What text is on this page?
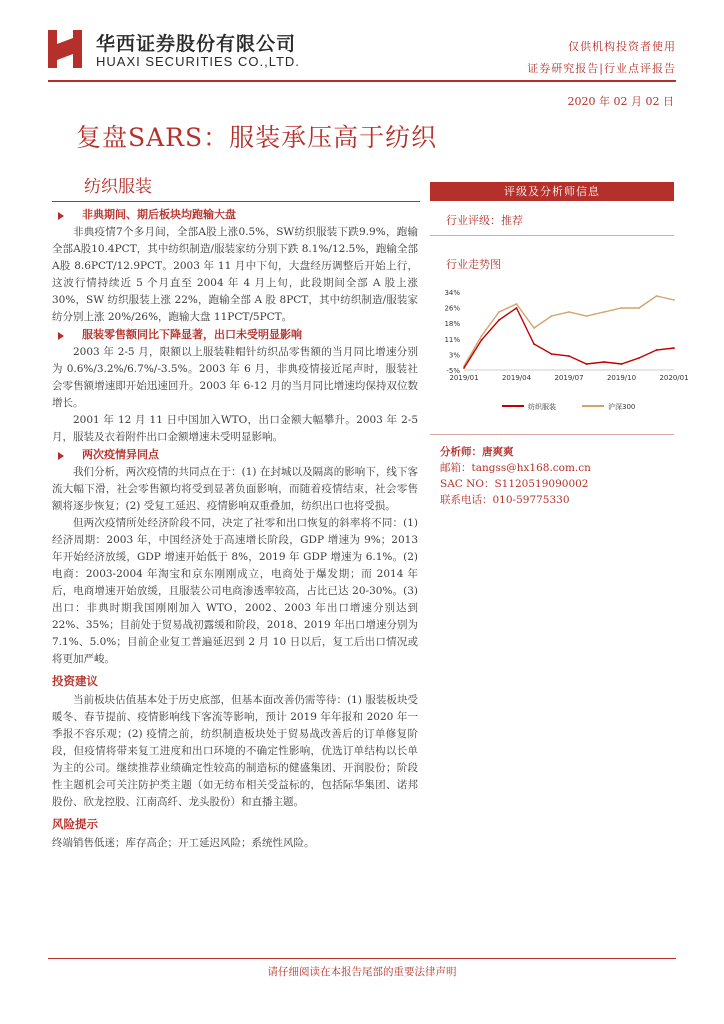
华西证券股份有限公司
HUAXI SECURITIES CO.,LTD.
仅供机构投资者使用
证券研究报告|行业点评报告
2020 年 02 月 02 日
复盘SARS：服装承压高于纺织
纺织服装
非典期间、期后板块均跑输大盘

非典疫情7个多月间，全部A股上涨0.5%，SW纺织服装下跌9.9%，跑输全部A股10.4PCT，其中纺织制造/服装家纺分别下跌 8.1%/12.5%，跑输全部 A股 8.6PCT/12.9PCT。2003 年 11 月中下旬，大盘经历调整后开始上行，这波行情持续近 5 个月直至 2004 年 4 月上旬，此段期间全部 A 股上涨 30%，SW 纺织服装上涨 22%，跑输全部 A 股 8PCT，其中纺织制造/服装家纺分别上涨 20%/26%，跑输大盘 11PCT/5PCT。

服装零售额同比下降显著，出口未受明显影响

2003 年 2-5 月，限额以上服装鞋帽针纺织品零售额的当月同比增速分别为 0.6%/3.2%/6.7%/-3.5%。2003 年 6 月，非典疫情接近尾声时，服装社会零售额增速即开始迅速回升。2003 年 6-12 月的当月同比增速均保持双位数增长。

2001 年 12 月 11 日中国加入WTO，出口金额大幅攀升。2003 年 2-5 月，服装及衣着附件出口金额增速未受明显影响。

两次疫情异同点

我们分析，两次疫情的共同点在于：(1) 在封城以及隔离的影响下，线下客流大幅下滑，社会零售额均将受到显著负面影响，而随着疫情结束，社会零售额将逐步恢复；(2) 受复工延迟、疫情影响双重叠加，纺织出口也将受损。

但两次疫情所处经济阶段不同，决定了社零和出口恢复的斜率将不同：(1) 经济周期：2003 年，中国经济处于高速增长阶段，GDP 增速为 9%；2013 年开始经济放缓，GDP 增速开始低于 8%，2019 年 GDP 增速为 6.1%。(2) 电商：2003-2004 年淘宝和京东刚刚成立，电商处于爆发期；而 2014 年后，电商增速开始放缓，且服装公司电商渗透率较高，占比已达 20-30%。(3) 出口：非典时期我国刚刚加入 WTO，2002、2003 年出口增速分别达到 22%、35%；目前处于贸易战初露缓和阶段，2018、2019 年出口增速分别为 7.1%、5.0%；目前企业复工普遍延迟到 2 月 10 日以后，复工后出口情况或将更加严峻。

投资建议

当前板块估值基本处于历史底部，但基本面改善仍需等待：(1) 服装板块受暖冬、春节提前、疫情影响线下客流等影响，预计 2019 年年报和 2020 年一季报不容乐观；(2) 疫情之前，纺织制造板块处于贸易战改善后的订单修复阶段，但疫情将带来复工进度和出口环境的不确定性影响，优选订单结构以长单为主的公司。继续推荐业绩确定性较高的制造标的健盛集团、开润股份；阶段性主题机会可关注防护类主题（如无纺布相关受益标的，包括际华集团、诺邦股份、欣龙控股、江南高纤、龙头股份）和直播主题。

风险提示

终端销售低迷；库存高企；开工延迟风险；系统性风险。

评级及分析师信息
行业评级：推荐
行业走势图
34%
26%
18%
11%
3%
-5%
2019/01	2019/04	2019/07	2019/10	2020/01
纺织服装	沪深300
分析师：唐爽爽
邮箱：tangss@hx168.com.cn
SAC NO：S1120519090002
联系电话：010-59775330
请仔细阅读在本报告尾部的重要法律声明
